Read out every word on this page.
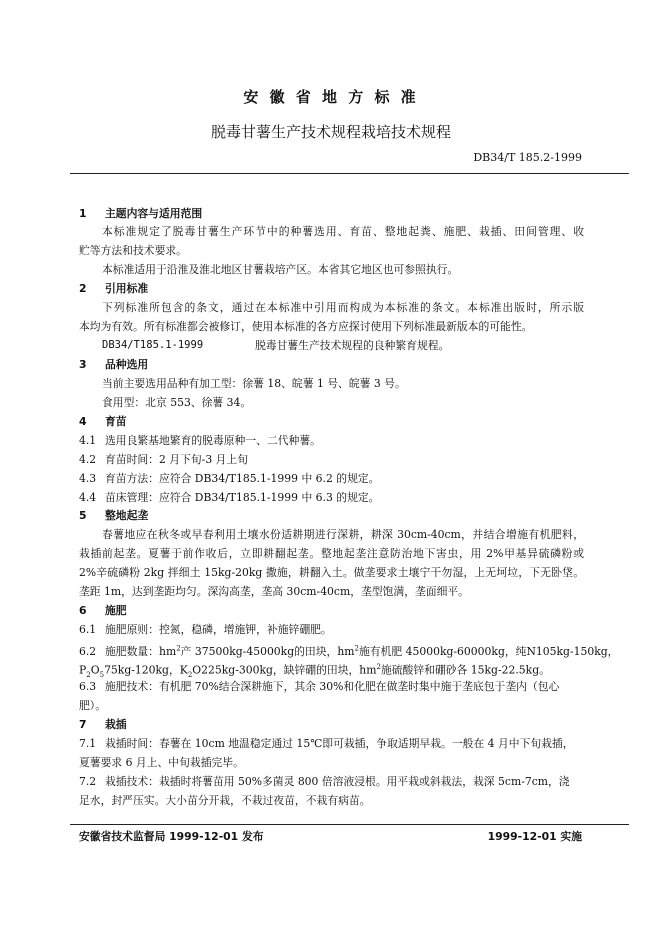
安 徽 省 地 方 标 准
脱毒甘薯生产技术规程栽培技术规程
DB34/T 185.2-1999
1 主题内容与适用范围
本标准规定了脱毒甘薯生产环节中的种薯选用、育苗、整地起粪、施肥、栽插、田间管理、收
贮等方法和技术要求。
本标准适用于沿淮及淮北地区甘薯栽培产区。本省其它地区也可参照执行。
2 引用标准
下列标准所包含的条文，通过在本标准中引用而构成为本标准的条文。本标准出版时，所示版
本均为有效。所有标准都会被修订，使用本标准的各方应探讨使用下列标准最新版本的可能性。
DB34/T185.1-1999	脱毒甘薯生产技术规程的良种繁育规程。
3 品种选用
当前主要选用品种有加工型：徐薯 18、皖薯 1 号、皖薯 3 号。
食用型：北京 553、徐薯 34。
4 育苗
4.1 选用良繁基地繁育的脱毒原种一、二代种薯。
4.2 育苗时间：2 月下旬-3 月上旬
4.3 育苗方法：应符合 DB34/T185.1-1999 中 6.2 的规定。
4.4 苗床管理：应符合 DB34/T185.1-1999 中 6.3 的规定。
5 整地起垄
春薯地应在秋冬或早春利用土壤水份适耕期进行深耕，耕深 30cm-40cm，并结合增施有机肥料，
栽插前起垄。夏薯于前作收后，立即耕翻起垄。整地起垄注意防治地下害虫，用 2%甲基异硫磷粉或
2%辛硫磷粉 2kg 拌细土 15kg-20kg 撒施，耕翻入土。做垄要求土壤宁干勿湿，上无坷垃，下无卧垡。
垄距 1m，达到垄距均匀。深沟高垄，垄高 30cm-40cm，垄型饱满，垄面细平。
6 施肥
6.1 施肥原则：控氮，稳磷，增施钾，补施锌硼肥。
6.2 施肥数量：$hm^2$产 37500kg-45000kg的田块，$hm^2$施有机肥 45000kg-60000kg，纯N105kg-150kg，
$P_2O_575kg-120kg$，$K_2O225kg-300kg$，缺锌硼的田块，$hm^2$施硫酸锌和硼砂各 15kg-22.5kg。
6.3 施肥技术：有机肥 70%结合深耕施下，其余 30%和化肥在做垄时集中施于垄底包于垄内（包心
肥）。
7 栽插
7.1 栽插时间：春薯在 10cm 地温稳定通过 15℃即可栽插，争取适期早栽。一般在 4 月中下旬栽插，
夏薯要求 6 月上、中旬栽插完毕。
7.2 栽插技术：栽插时将薯苗用 50%多菌灵 800 倍溶液浸根。用平栽或斜栽法，栽深 5cm-7cm，浇
足水，封严压实。大小苗分开栽，不栽过夜苗，不栽有病苗。
安徽省技术监督局 1999-12-01 发布	1999-12-01 实施
